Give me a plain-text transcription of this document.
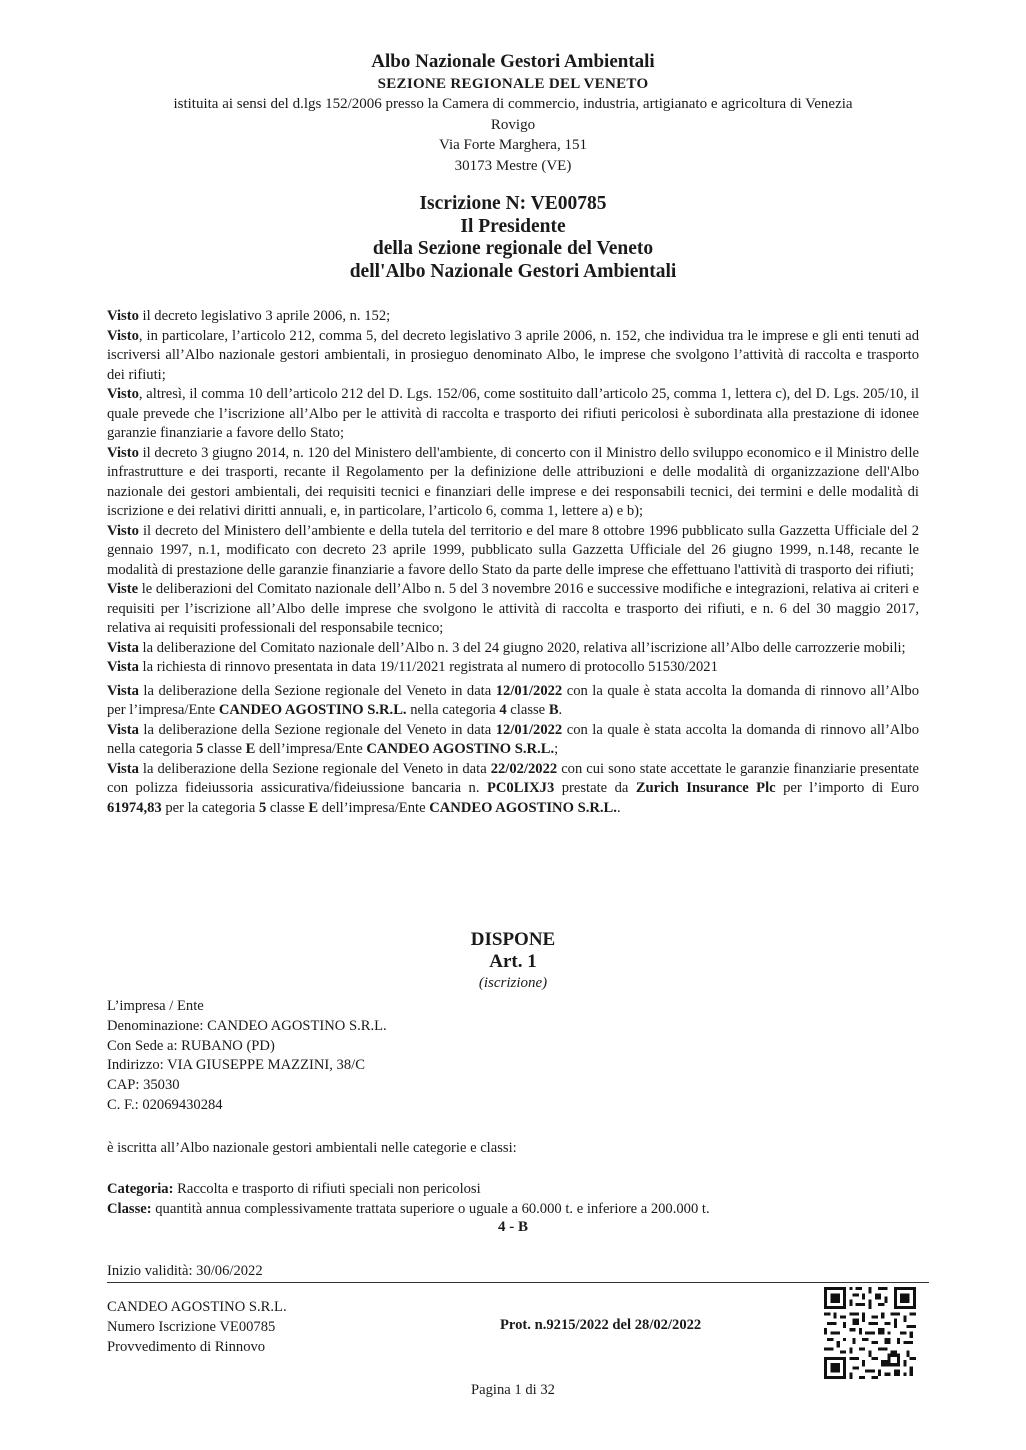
Albo Nazionale Gestori Ambientali
SEZIONE REGIONALE DEL VENETO
istituita ai sensi del d.lgs 152/2006 presso la Camera di commercio, industria, artigianato e agricoltura di Venezia
Rovigo
Via Forte Marghera, 151
30173 Mestre (VE)
Iscrizione N: VE00785
Il Presidente
della Sezione regionale del Veneto
dell'Albo Nazionale Gestori Ambientali

Visto il decreto legislativo 3 aprile 2006, n. 152;

Visto, in particolare, l’articolo 212, comma 5, del decreto legislativo 3 aprile 2006, n. 152, che individua tra le imprese e gli enti tenuti ad iscriversi all’Albo nazionale gestori ambientali, in prosieguo denominato Albo, le imprese che svolgono l’attività di raccolta e trasporto dei rifiuti;

Visto, altresì, il comma 10 dell’articolo 212 del D. Lgs. 152/06, come sostituito dall’articolo 25, comma 1, lettera c), del D. Lgs. 205/10, il quale prevede che l’iscrizione all’Albo per le attività di raccolta e trasporto dei rifiuti pericolosi è subordinata alla prestazione di idonee garanzie finanziarie a favore dello Stato;

Visto il decreto 3 giugno 2014, n. 120 del Ministero dell'ambiente, di concerto con il Ministro dello sviluppo economico e il Ministro delle infrastrutture e dei trasporti, recante il Regolamento per la definizione delle attribuzioni e delle modalità di organizzazione dell'Albo nazionale dei gestori ambientali, dei requisiti tecnici e finanziari delle imprese e dei responsabili tecnici, dei termini e delle modalità di iscrizione e dei relativi diritti annuali, e, in particolare, l’articolo 6, comma 1, lettere a) e b);

Visto il decreto del Ministero dell’ambiente e della tutela del territorio e del mare 8 ottobre 1996 pubblicato sulla Gazzetta Ufficiale del 2 gennaio 1997, n.1, modificato con decreto 23 aprile 1999, pubblicato sulla Gazzetta Ufficiale del 26 giugno 1999, n.148, recante le modalità di prestazione delle garanzie finanziarie a favore dello Stato da parte delle imprese che effettuano l'attività di trasporto dei rifiuti;

Viste le deliberazioni del Comitato nazionale dell’Albo n. 5 del 3 novembre 2016 e successive modifiche e integrazioni, relativa ai criteri e requisiti per l’iscrizione all’Albo delle imprese che svolgono le attività di raccolta e trasporto dei rifiuti, e n. 6 del 30 maggio 2017, relativa ai requisiti professionali del responsabile tecnico;

Vista la deliberazione del Comitato nazionale dell’Albo n. 3 del 24 giugno 2020, relativa all’iscrizione all’Albo delle carrozzerie mobili;

Vista la richiesta di rinnovo presentata in data 19/11/2021 registrata al numero di protocollo 51530/2021

Vista la deliberazione della Sezione regionale del Veneto in data 12/01/2022 con la quale è stata accolta la domanda di rinnovo all’Albo per l’impresa/Ente CANDEO AGOSTINO S.R.L. nella categoria 4 classe B.

Vista la deliberazione della Sezione regionale del Veneto in data 12/01/2022 con la quale è stata accolta la domanda di rinnovo all’Albo nella categoria 5 classe E dell’impresa/Ente CANDEO AGOSTINO S.R.L.;

Vista la deliberazione della Sezione regionale del Veneto in data 22/02/2022 con cui sono state accettate le garanzie finanziarie presentate con polizza fideiussoria assicurativa/fideiussione bancaria n. PC0LIXJ3 prestate da Zurich Insurance Plc per l’importo di Euro 61974,83 per la categoria 5 classe E dell’impresa/Ente CANDEO AGOSTINO S.R.L..

DISPONE
Art. 1
(iscrizione)
L’impresa / Ente
Denominazione: CANDEO AGOSTINO S.R.L.
Con Sede a: RUBANO (PD)
Indirizzo: VIA GIUSEPPE MAZZINI, 38/C
CAP: 35030
C. F.: 02069430284
è iscritta all’Albo nazionale gestori ambientali nelle categorie e classi:
Categoria: Raccolta e trasporto di rifiuti speciali non pericolosi
Classe: quantità annua complessivamente trattata superiore o uguale a 60.000 t. e inferiore a 200.000 t.
4 - B
Inizio validità: 30/06/2022
CANDEO AGOSTINO S.R.L.
Numero Iscrizione VE00785
Provvedimento di Rinnovo
Prot. n.9215/2022 del 28/02/2022
Pagina 1 di 32
